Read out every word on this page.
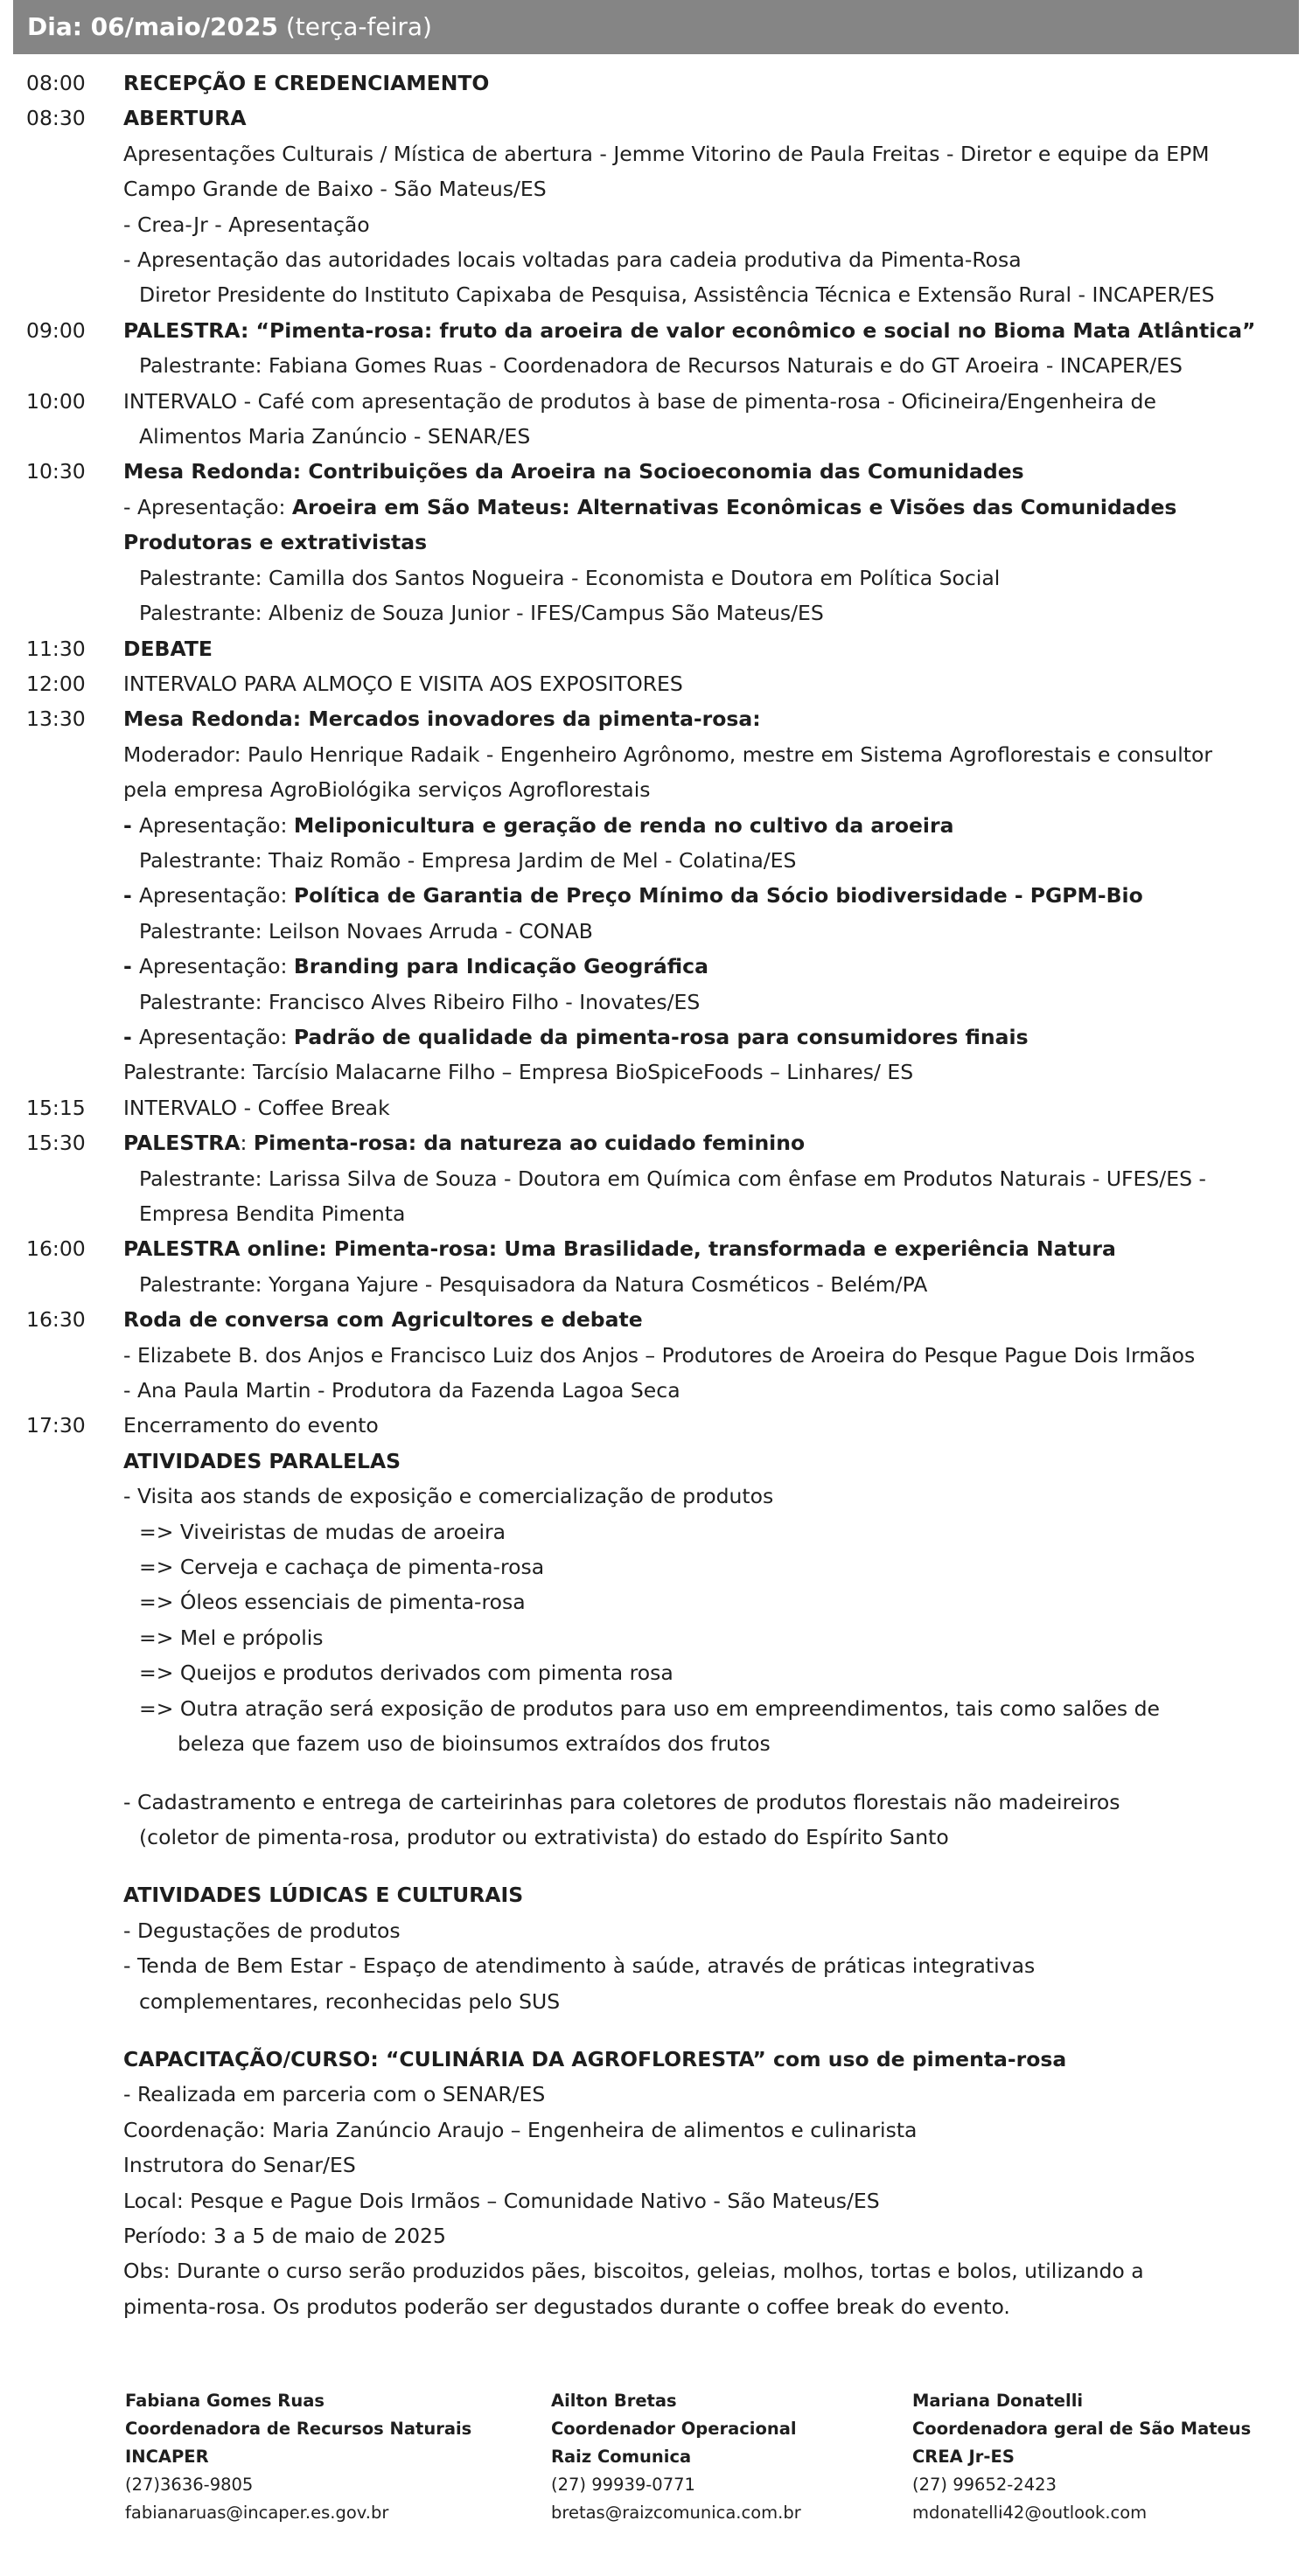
Dia: 06/maio/2025 (terça-feira)
08:00	RECEPÇÃO E CREDENCIAMENTO
08:30	ABERTURA
Apresentações Culturais / Mística de abertura - Jemme Vitorino de Paula Freitas - Diretor e equipe da EPM
Campo Grande de Baixo - São Mateus/ES
- Crea-Jr - Apresentação
- Apresentação das autoridades locais voltadas para cadeia produtiva da Pimenta-Rosa
Diretor Presidente do Instituto Capixaba de Pesquisa, Assistência Técnica e Extensão Rural - INCAPER/ES
09:00	PALESTRA: “Pimenta-rosa: fruto da aroeira de valor econômico e social no Bioma Mata Atlântica”
Palestrante: Fabiana Gomes Ruas - Coordenadora de Recursos Naturais e do GT Aroeira - INCAPER/ES
10:00	INTERVALO - Café com apresentação de produtos à base de pimenta-rosa - Oficineira/Engenheira de
Alimentos Maria Zanúncio - SENAR/ES
10:30	Mesa Redonda: Contribuições da Aroeira na Socioeconomia das Comunidades
- Apresentação: Aroeira em São Mateus: Alternativas Econômicas e Visões das Comunidades
Produtoras e extrativistas
Palestrante: Camilla dos Santos Nogueira - Economista e Doutora em Política Social
Palestrante: Albeniz de Souza Junior - IFES/Campus São Mateus/ES
11:30	DEBATE
12:00	INTERVALO PARA ALMOÇO E VISITA AOS EXPOSITORES
13:30	Mesa Redonda: Mercados inovadores da pimenta-rosa:
Moderador: Paulo Henrique Radaik - Engenheiro Agrônomo, mestre em Sistema Agroflorestais e consultor
pela empresa AgroBiológika serviços Agroflorestais
- Apresentação: Meliponicultura e geração de renda no cultivo da aroeira
Palestrante: Thaiz Romão - Empresa Jardim de Mel - Colatina/ES
- Apresentação: Política de Garantia de Preço Mínimo da Sócio biodiversidade - PGPM-Bio
Palestrante: Leilson Novaes Arruda - CONAB
- Apresentação: Branding para Indicação Geográfica
Palestrante: Francisco Alves Ribeiro Filho - Inovates/ES
- Apresentação: Padrão de qualidade da pimenta-rosa para consumidores finais
Palestrante: Tarcísio Malacarne Filho – Empresa BioSpiceFoods – Linhares/ ES
15:15	INTERVALO - Coffee Break
15:30	PALESTRA: Pimenta-rosa: da natureza ao cuidado feminino
Palestrante: Larissa Silva de Souza - Doutora em Química com ênfase em Produtos Naturais - UFES/ES -
Empresa Bendita Pimenta
16:00	PALESTRA online: Pimenta-rosa: Uma Brasilidade, transformada e experiência Natura
Palestrante: Yorgana Yajure - Pesquisadora da Natura Cosméticos - Belém/PA
16:30	Roda de conversa com Agricultores e debate
- Elizabete B. dos Anjos e Francisco Luiz dos Anjos – Produtores de Aroeira do Pesque Pague Dois Irmãos
- Ana Paula Martin - Produtora da Fazenda Lagoa Seca
17:30	Encerramento do evento
ATIVIDADES PARALELAS
- Visita aos stands de exposição e comercialização de produtos
=> Viveiristas de mudas de aroeira
=> Cerveja e cachaça de pimenta-rosa
=> Óleos essenciais de pimenta-rosa
=> Mel e própolis
=> Queijos e produtos derivados com pimenta rosa
=> Outra atração será exposição de produtos para uso em empreendimentos, tais como salões de
beleza que fazem uso de bioinsumos extraídos dos frutos
- Cadastramento e entrega de carteirinhas para coletores de produtos florestais não madeireiros
(coletor de pimenta-rosa, produtor ou extrativista) do estado do Espírito Santo
ATIVIDADES LÚDICAS E CULTURAIS
- Degustações de produtos
- Tenda de Bem Estar - Espaço de atendimento à saúde, através de práticas integrativas
complementares, reconhecidas pelo SUS
CAPACITAÇÃO/CURSO: “CULINÁRIA DA AGROFLORESTA” com uso de pimenta-rosa
- Realizada em parceria com o SENAR/ES
Coordenação: Maria Zanúncio Araujo – Engenheira de alimentos e culinarista
Instrutora do Senar/ES
Local: Pesque e Pague Dois Irmãos – Comunidade Nativo - São Mateus/ES
Período: 3 a 5 de maio de 2025
Obs: Durante o curso serão produzidos pães, biscoitos, geleias, molhos, tortas e bolos, utilizando a
pimenta-rosa. Os produtos poderão ser degustados durante o coffee break do evento.
Fabiana Gomes Ruas
Coordenadora de Recursos Naturais
INCAPER
(27)3636-9805
fabianaruas@incaper.es.gov.br
Ailton Bretas
Coordenador Operacional
Raiz Comunica
(27) 99939-0771
bretas@raizcomunica.com.br
Mariana Donatelli
Coordenadora geral de São Mateus
CREA Jr-ES
(27) 99652-2423
mdonatelli42@outlook.com
